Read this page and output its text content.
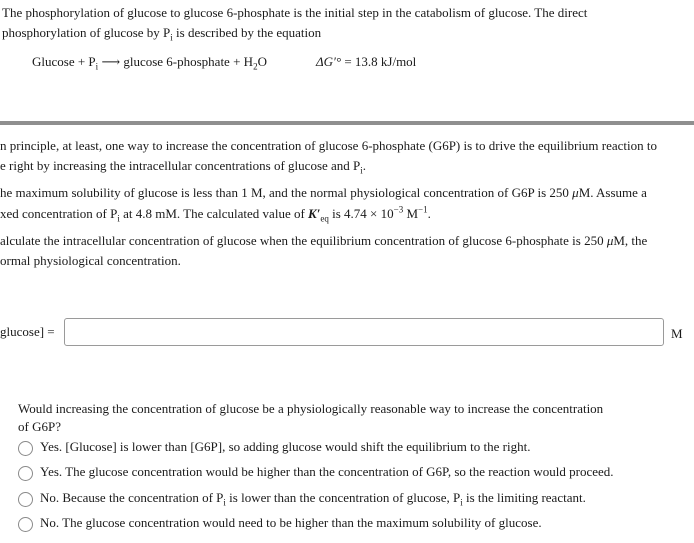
The phosphorylation of glucose to glucose 6-phosphate is the initial step in the catabolism of glucose. The direct
phosphorylation of glucose by $P_i$ is described by the equation
$Glucose + P_i$ ⟶ glucose 6-phosphate + $H_2O$	ΔG′° = 13.8 kJ/mol
n principle, at least, one way to increase the concentration of glucose 6-phosphate (G6P) is to drive the equilibrium reaction to
e right by increasing the intracellular concentrations of glucose and $P_i$.
he maximum solubility of glucose is less than 1 M, and the normal physiological concentration of G6P is 250 μM. Assume a
xed concentration of $P_i$ at 4.8 mM. The calculated value of $K'_{eq}$ is $4.74 \times 10^{-3}$ $M^{-1}$.
alculate the intracellular concentration of glucose when the equilibrium concentration of glucose 6-phosphate is 250 μM, the
ormal physiological concentration.
glucose] =	M
Would increasing the concentration of glucose be a physiologically reasonable way to increase the concentration
of G6P?
Yes. [Glucose] is lower than [G6P], so adding glucose would shift the equilibrium to the right.
Yes. The glucose concentration would be higher than the concentration of G6P, so the reaction would proceed.
No. Because the concentration of $P_i$ is lower than the concentration of glucose, $P_i$ is the limiting reactant.
No. The glucose concentration would need to be higher than the maximum solubility of glucose.
